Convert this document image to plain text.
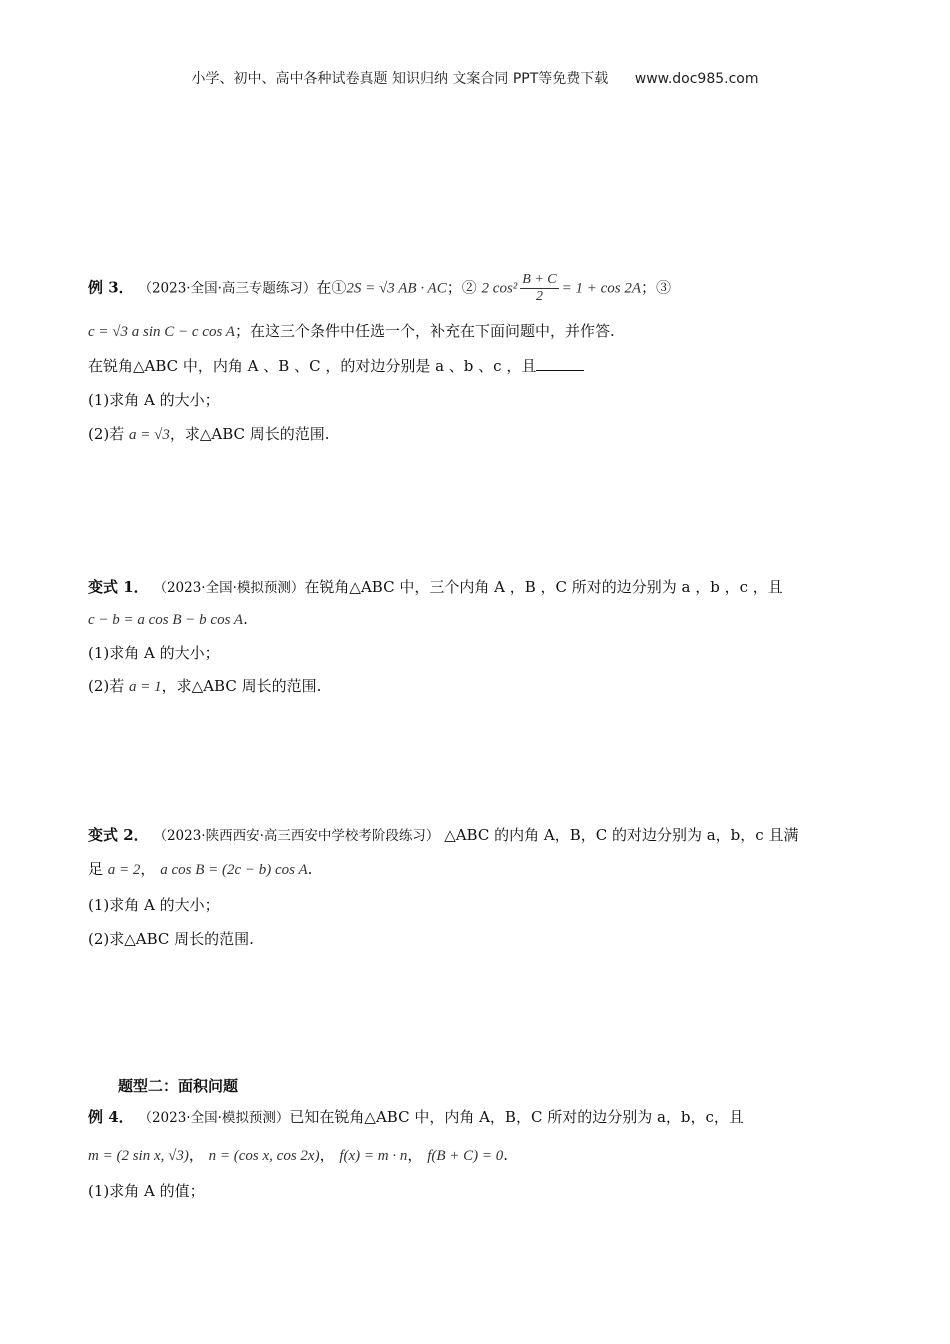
小学、初中、高中各种试卷真题 知识归纳 文案合同 PPT等免费下载 www.doc985.com
例 3． （2023·全国·高三专题练习）在①2S = √3 AB · AC；② 2 $\cos^2 \frac{B + C}{2} = 1 + \cos 2A$；③
c = √3 a sin C − c cos A；在这三个条件中任选一个，补充在下面问题中，并作答.
在锐角△ABC 中，内角 A 、B 、C ，的对边分别是 a 、b 、c ，且
(1)求角 A 的大小；
(2)若 a = √3，求△ABC 周长的范围.
变式 1． （2023·全国·模拟预测）在锐角△ABC 中，三个内角 A ，B ，C 所对的边分别为 a ，b ，c ，且
c − b = a cos B − b cos A.
(1)求角 A 的大小；
(2)若 a = 1，求△ABC 周长的范围.
变式 2． （2023·陕西西安·高三西安中学校考阶段练习） △ABC 的内角 A，B，C 的对边分别为 a，b，c 且满
足 a = 2， a cos B = (2c − b) cos A.
(1)求角 A 的大小；
(2)求△ABC 周长的范围.
题型二：面积问题
例 4． （2023·全国·模拟预测）已知在锐角△ABC 中，内角 A，B，C 所对的边分别为 a，b，c，且
m = (2 sin x, √3)， n = (cos x, cos 2x)， f(x) = m · n， f(B + C) = 0.
(1)求角 A 的值；
